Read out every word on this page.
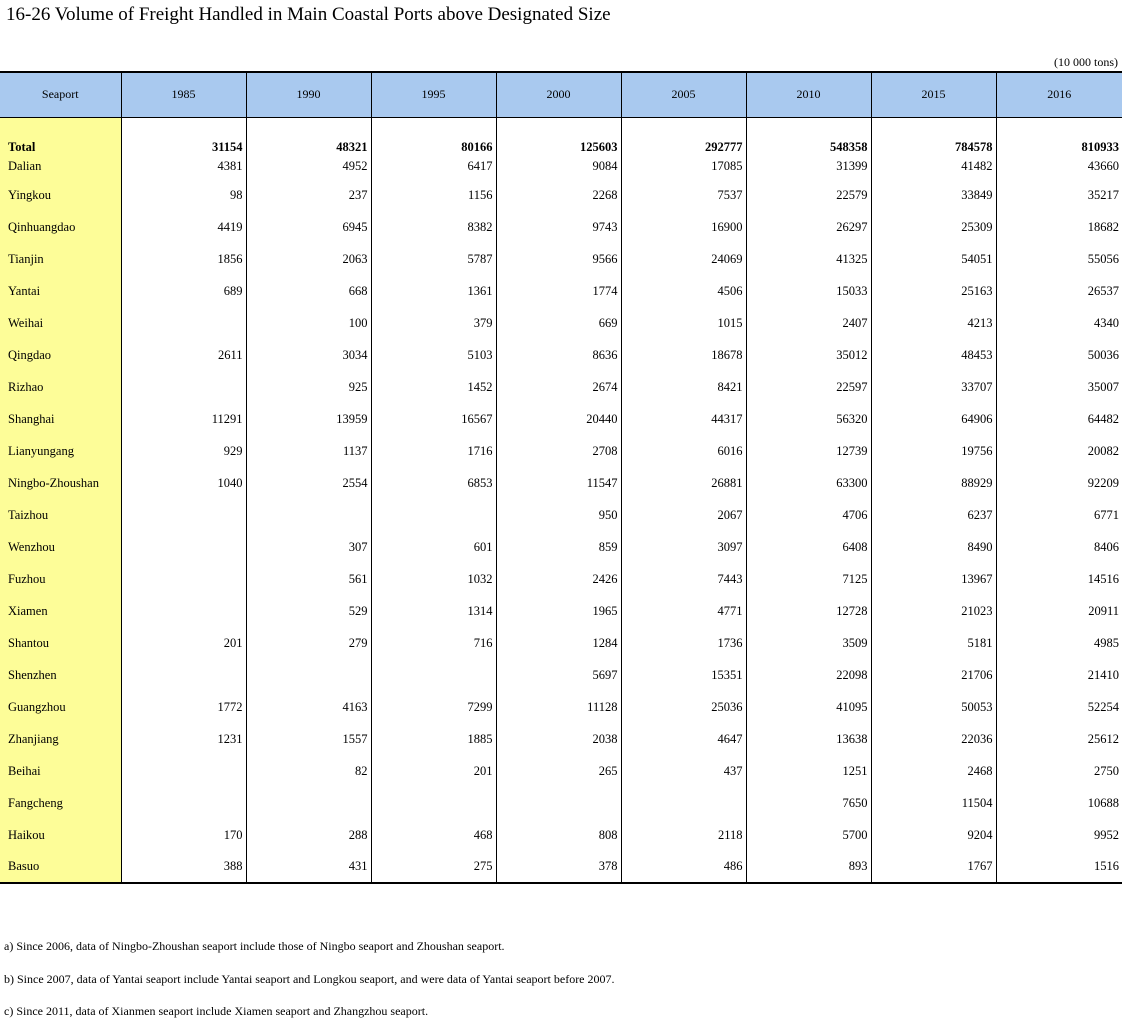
16-26 Volume of Freight Handled in Main Coastal Ports above Designated Size
(10 000 tons)
Seaport	1985	1990	1995	2000	2005	2010	2015	2016

Total	31154	48321	80166	125603	292777	548358	784578	810933
Dalian	4381	4952	6417	9084	17085	31399	41482	43660
Yingkou	98	237	1156	2268	7537	22579	33849	35217
Qinhuangdao	4419	6945	8382	9743	16900	26297	25309	18682
Tianjin	1856	2063	5787	9566	24069	41325	54051	55056
Yantai	689	668	1361	1774	4506	15033	25163	26537
Weihai		100	379	669	1015	2407	4213	4340
Qingdao	2611	3034	5103	8636	18678	35012	48453	50036
Rizhao		925	1452	2674	8421	22597	33707	35007
Shanghai	11291	13959	16567	20440	44317	56320	64906	64482
Lianyungang	929	1137	1716	2708	6016	12739	19756	20082
Ningbo-Zhoushan	1040	2554	6853	11547	26881	63300	88929	92209
Taizhou				950	2067	4706	6237	6771
Wenzhou		307	601	859	3097	6408	8490	8406
Fuzhou		561	1032	2426	7443	7125	13967	14516
Xiamen		529	1314	1965	4771	12728	21023	20911
Shantou	201	279	716	1284	1736	3509	5181	4985
Shenzhen				5697	15351	22098	21706	21410
Guangzhou	1772	4163	7299	11128	25036	41095	50053	52254
Zhanjiang	1231	1557	1885	2038	4647	13638	22036	25612
Beihai		82	201	265	437	1251	2468	2750
Fangcheng						7650	11504	10688
Haikou	170	288	468	808	2118	5700	9204	9952
Basuo	388	431	275	378	486	893	1767	1516
a) Since 2006, data of Ningbo-Zhoushan seaport include those of Ningbo seaport and Zhoushan seaport.
b) Since 2007, data of Yantai seaport include Yantai seaport and Longkou seaport, and were data of Yantai seaport before 2007.
c) Since 2011, data of Xianmen seaport include Xiamen seaport and Zhangzhou seaport.
